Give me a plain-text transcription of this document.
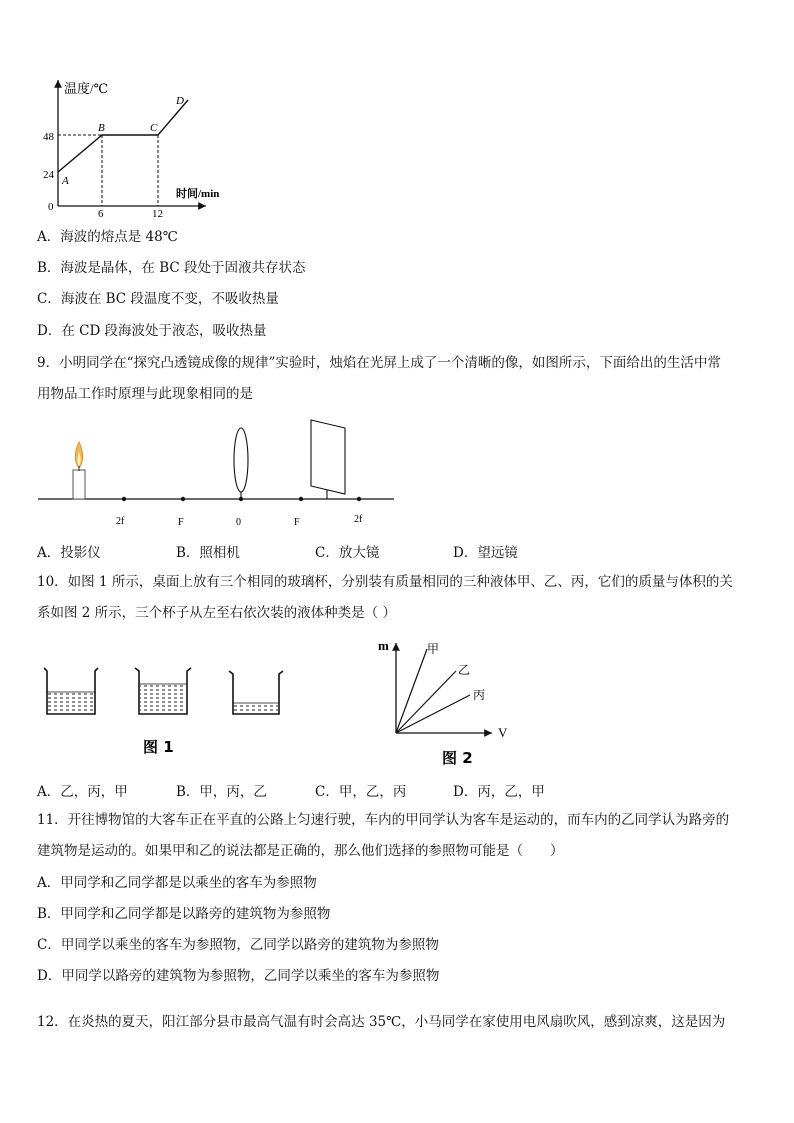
温度/℃
时间/min
48
24
0
6	12
A
B	C
D
A．海波的熔点是 48℃
B．海波是晶体，在 BC 段处于固液共存状态
C．海波在 BC 段温度不变，不吸收热量
D．在 CD 段海波处于液态，吸收热量
9．小明同学在“探究凸透镜成像的规律”实验时，烛焰在光屏上成了一个清晰的像，如图所示，下面给出的生活中常
用物品工作时原理与此现象相同的是
2f	F	0	F	2f
A．投影仪	B．照相机	C．放大镜	D．望远镜
10．如图 1 所示，桌面上放有三个相同的玻璃杯，分别装有质量相同的三种液体甲、乙、丙，它们的质量与体积的关
系如图 2 所示，三个杯子从左至右依次装的液体种类是（ ）
图 1
m
V
甲
乙
丙
图 2
A．乙，丙，甲	B．甲，丙，乙	C．甲，乙，丙	D．丙，乙，甲
11．开往博物馆的大客车正在平直的公路上匀速行驶，车内的甲同学认为客车是运动的，而车内的乙同学认为路旁的
建筑物是运动的。如果甲和乙的说法都是正确的，那么他们选择的参照物可能是（　　）
A．甲同学和乙同学都是以乘坐的客车为参照物
B．甲同学和乙同学都是以路旁的建筑物为参照物
C．甲同学以乘坐的客车为参照物，乙同学以路旁的建筑物为参照物
D．甲同学以路旁的建筑物为参照物，乙同学以乘坐的客车为参照物
12．在炎热的夏天，阳江部分县市最高气温有时会高达 35℃，小马同学在家使用电风扇吹风，感到凉爽，这是因为
